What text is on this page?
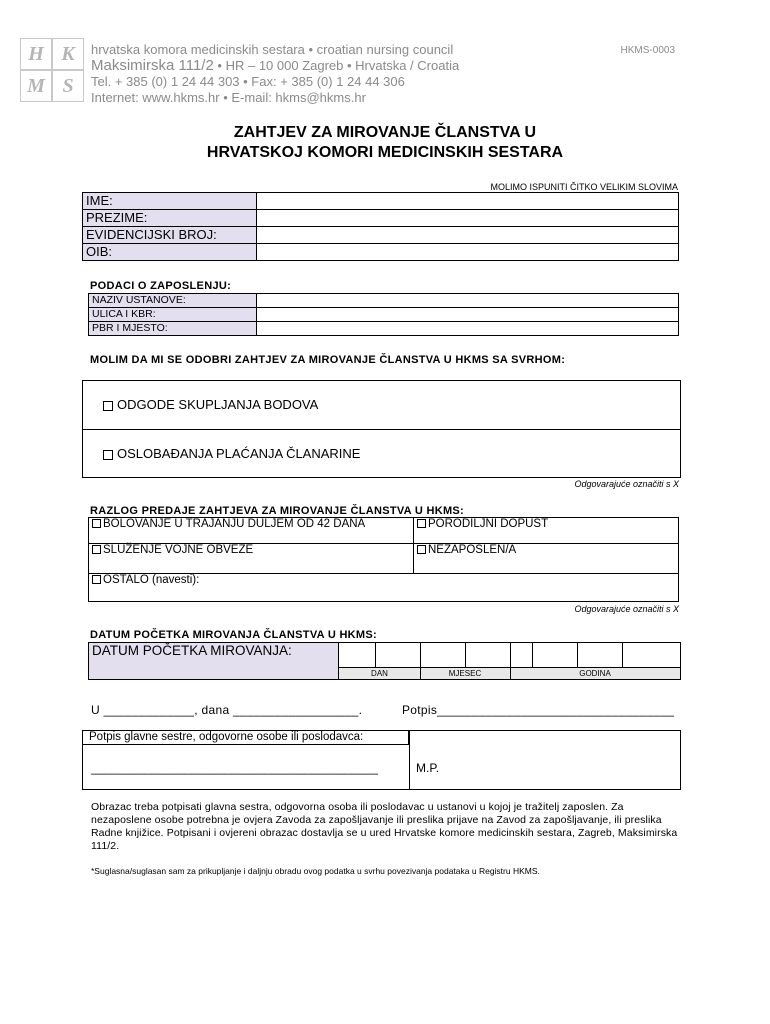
H K
M S
hrvatska komora medicinskih sestara • croatian nursing council
Maksimirska 111/2 • HR – 10 000 Zagreb • Hrvatska / Croatia
Tel. + 385 (0) 1 24 44 303 • Fax: + 385 (0) 1 24 44 306
Internet: www.hkms.hr • E-mail: hkms@hkms.hr
HKMS-0003
ZAHTJEV ZA MIROVANJE ČLANSTVA U
HRVATSKOJ KOMORI MEDICINSKIH SESTARA
MOLIMO ISPUNITI ČITKO VELIKIM SLOVIMA
IME:	
PREZIME:	
EVIDENCIJSKI BROJ:	
OIB:	
PODACI O ZAPOSLENJU:
NAZIV USTANOVE:	
ULICA I KBR:	
PBR I MJESTO:	
MOLIM DA MI SE ODOBRI ZAHTJEV ZA MIROVANJE ČLANSTVA U HKMS SA SVRHOM:
ODGODE SKUPLJANJA BODOVA
OSLOBAĐANJA PLAĆANJA ČLANARINE
Odgovarajuće označiti s X
RAZLOG PREDAJE ZAHTJEVA ZA MIROVANJE ČLANSTVA U HKMS:
BOLOVANJE U TRAJANJU DULJEM OD 42 DANA	PORODILJNI DOPUST
SLUŽENJE VOJNE OBVEZE	NEZAPOSLEN/A
OSTALO (navesti):	
Odgovarajuće označiti s X
DATUM POČETKA MIROVANJA ČLANSTVA U HKMS:
DATUM POČETKA MIROVANJA:
DAN	MJESEC	GODINA
U _____________, dana __________________.	Potpis__________________________________
Potpis glavne sestre, odgovorne osobe ili poslodavca:
___________________________________________	M.P.
Obrazac treba potpisati glavna sestra, odgovorna osoba ili poslodavac u ustanovi u kojoj je tražitelj zaposlen. Za nezaposlene osobe potrebna je ovjera Zavoda za zapošljavanje ili preslika prijave na Zavod za zapošljavanje, ili preslika Radne knjižice. Potpisani i ovjereni obrazac dostavlja se u ured Hrvatske komore medicinskih sestara, Zagreb, Maksimirska 111/2.
*Suglasna/suglasan sam za prikupljanje i daljnju obradu ovog podatka u svrhu povezivanja podataka u Registru HKMS.
